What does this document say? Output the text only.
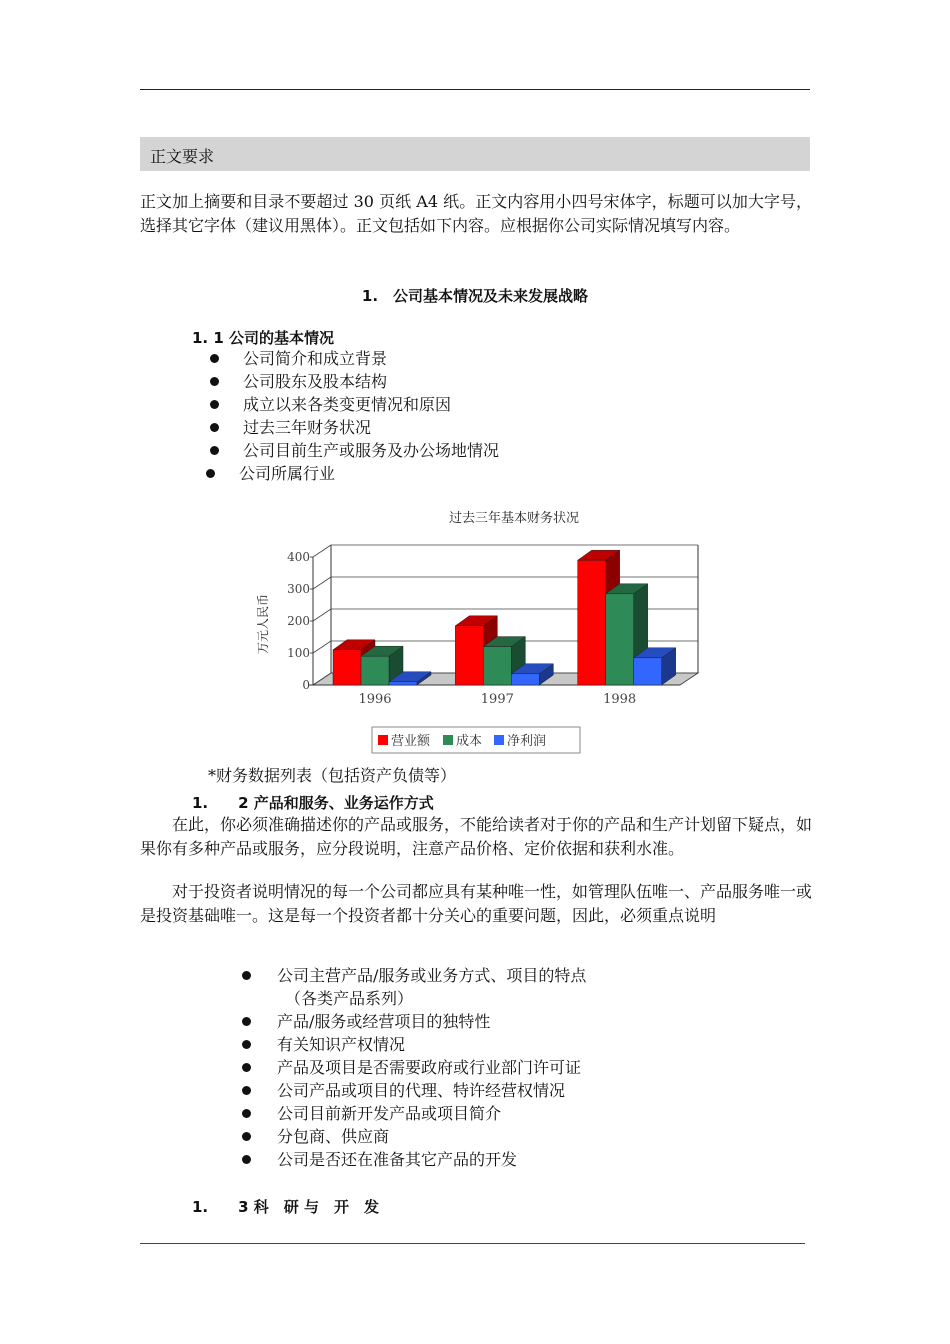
正文要求

正文加上摘要和目录不要超过 30 页纸 A4 纸。正文内容用小四号宋体字，标题可以加大字号，选择其它字体（建议用黑体）。正文包括如下内容。应根据你公司实际情况填写内容。

1.　公司基本情况及未来发展战略
1. 1 公司的基本情况
公司简介和成立背景
公司股东及股本结构
成立以来各类变更情况和原因
过去三年财务状况
公司目前生产或服务及办公场地情况
公司所属行业
过去三年基本财务状况
万元人民币
0
100
200
300
400
1996	1997	1998
营业额 成本 净利润
*财务数据列表（包括资产负债等）
1.　　2 产品和服务、业务运作方式

在此，你必须准确描述你的产品或服务，不能给读者对于你的产品和生产计划留下疑点，如果你有多种产品或服务，应分段说明，注意产品价格、定价依据和获利水准。

对于投资者说明情况的每一个公司都应具有某种唯一性，如管理队伍唯一、产品服务唯一或是投资基础唯一。这是每一个投资者都十分关心的重要问题，因此，必须重点说明

公司主营产品/服务或业务方式、项目的特点
（各类产品系列）
产品/服务或经营项目的独特性
有关知识产权情况
产品及项目是否需要政府或行业部门许可证
公司产品或项目的代理、特许经营权情况
公司目前新开发产品或项目简介
分包商、供应商
公司是否还在准备其它产品的开发
1.　　3 科　研 与　开　发
